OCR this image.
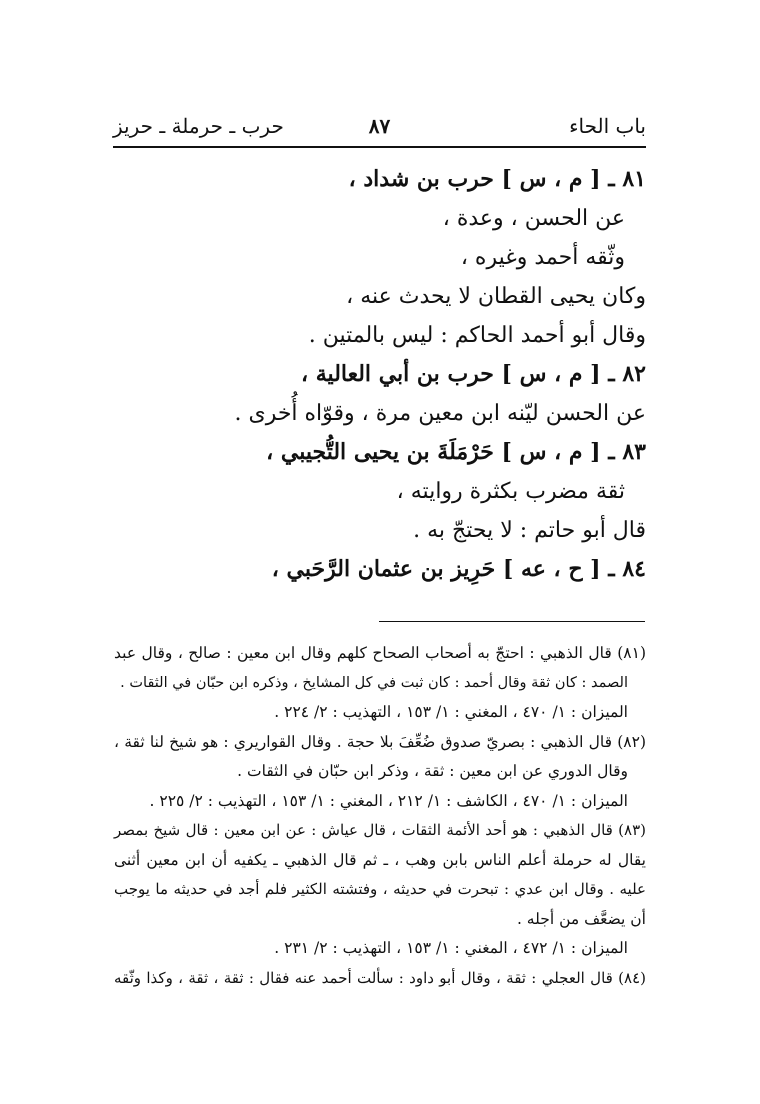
باب الحاء
٨٧
حرب ـ حرملة ـ حريز
٨١ ـ [ م ، س ] حرب بن شداد ،
عن الحسن ، وعدة ،
وثّقه أحمد وغيره ،
وكان يحيى القطان لا يحدث عنه ،
وقال أبو أحمد الحاكم : ليس بالمتين .
٨٢ ـ [ م ، س ] حرب بن أبي العالية ،
عن الحسن ليّنه ابن معين مرة ، وقوّاه أُخرى .
٨٣ ـ [ م ، س ] حَرْمَلَةَ بن يحيى التُّجيبي ،
ثقة مضرب بكثرة روايته ،
قال أبو حاتم : لا يحتجّ به .
٨٤ ـ [ ح ، عه ] حَرِيز بن عثمان الرَّحَبي ،
(٨١) قال الذهبي : احتجّ به أصحاب الصحاح كلهم وقال ابن معين : صالح ، وقال عبد
الصمد : كان ثقة وقال أحمد : كان ثبت في كل المشايخ ، وذكره ابن حبّان في الثقات .
الميزان : ١/ ٤٧٠ ، المغني : ١/ ١٥٣ ، التهذيب : ٢/ ٢٢٤ .
(٨٢) قال الذهبي : بصريّ صدوق ضُعِّفَ بلا حجة . وقال القواريري : هو شيخ لنا ثقة ،
وقال الدوري عن ابن معين : ثقة ، وذكر ابن حبّان في الثقات .
الميزان : ١/ ٤٧٠ ، الكاشف : ١/ ٢١٢ ، المغني : ١/ ١٥٣ ، التهذيب : ٢/ ٢٢٥ .
(٨٣) قال الذهبي : هو أحد الأئمة الثقات ، قال عياش : عن ابن معين : قال شيخ بمصر
يقال له حرملة أعلم الناس بابن وهب ، ـ ثم قال الذهبي ـ يكفيه أن ابن معين أثنى
عليه . وقال ابن عدي : تبحرت في حديثه ، وفتشته الكثير فلم أجد في حديثه ما يوجب
أن يضعَّف من أجله .
الميزان : ١/ ٤٧٢ ، المغني : ١/ ١٥٣ ، التهذيب : ٢/ ٢٣١ .
(٨٤) قال العجلي : ثقة ، وقال أبو داود : سألت أحمد عنه فقال : ثقة ، ثقة ، وكذا وثّقه
